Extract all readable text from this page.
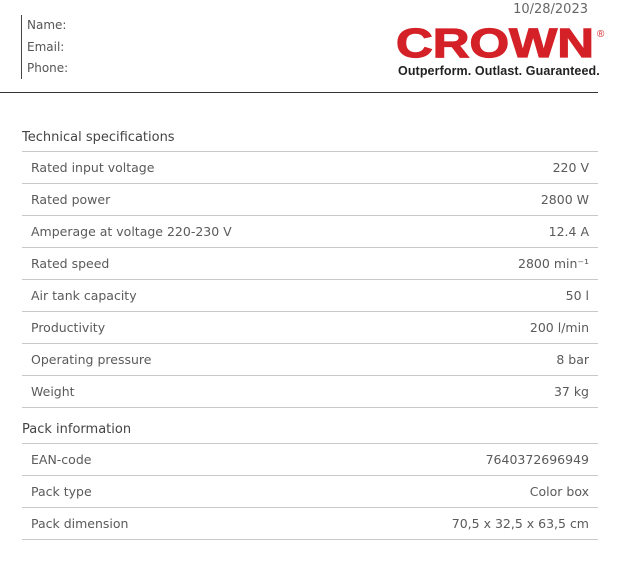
10/28/2023
Name:
Email:
Phone:
CROWN ®
Outperform. Outlast. Guaranteed.
Technical specifications
Rated input voltage	220 V
Rated power	2800 W
Amperage at voltage 220-230 V	12.4 A
Rated speed	2800 min⁻¹
Air tank capacity	50 l
Productivity	200 l/min
Operating pressure	8 bar
Weight	37 kg
Pack information
EAN-code	7640372696949
Pack type	Color box
Pack dimension	70,5 x 32,5 x 63,5 cm
